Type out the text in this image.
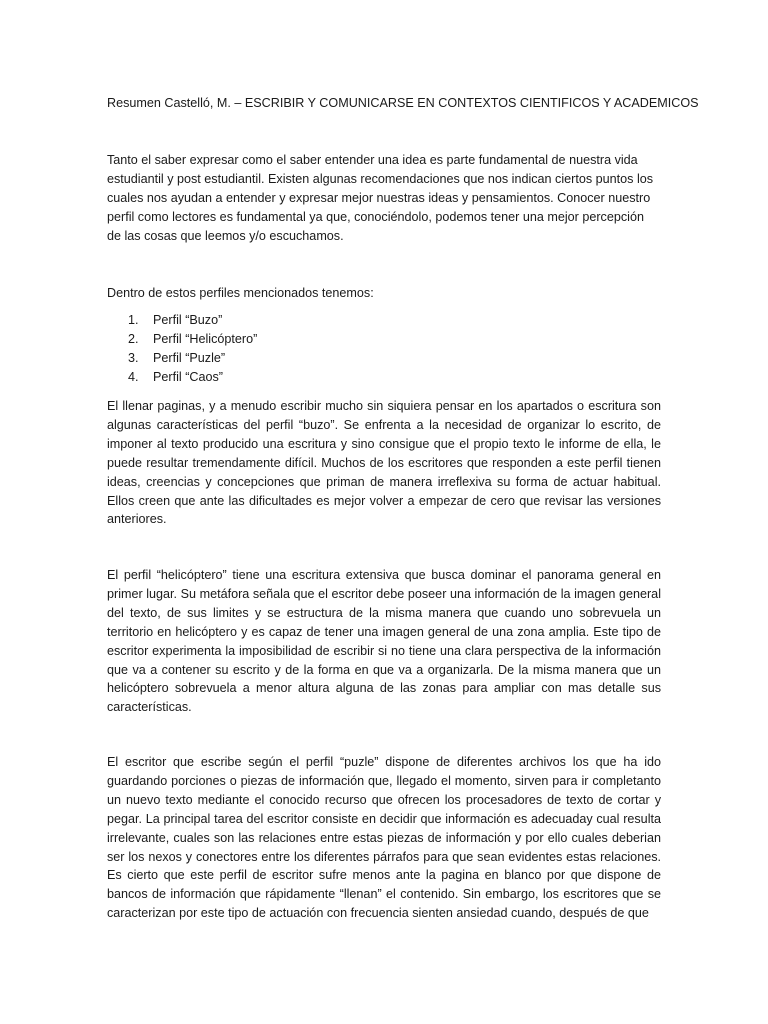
Resumen Castelló, M. – ESCRIBIR Y COMUNICARSE EN CONTEXTOS CIENTIFICOS Y ACADEMICOS

Tanto el saber expresar como el saber entender una idea es parte fundamental de nuestra vida estudiantil y post estudiantil. Existen algunas recomendaciones que nos indican ciertos puntos los cuales nos ayudan a entender y expresar mejor nuestras ideas y pensamientos. Conocer nuestro perfil como lectores es fundamental ya que, conociéndolo, podemos tener una mejor percepción de las cosas que leemos y/o escuchamos.

Dentro de estos perfiles mencionados tenemos:

1.	Perfil “Buzo”
2.	Perfil “Helicóptero”
3.	Perfil “Puzle”
4.	Perfil “Caos”

El llenar paginas, y a menudo escribir mucho sin siquiera pensar en los apartados o escritura son algunas características del perfil “buzo”. Se enfrenta a la necesidad de organizar lo escrito, de imponer al texto producido una escritura y sino consigue que el propio texto le informe de ella, le puede resultar tremendamente difícil. Muchos de los escritores que responden a este perfil tienen ideas, creencias y concepciones que priman de manera irreflexiva su forma de actuar habitual. Ellos creen que ante las dificultades es mejor volver a empezar de cero que revisar las versiones anteriores.

El perfil “helicóptero” tiene una escritura extensiva que busca dominar el panorama general en primer lugar. Su metáfora señala que el escritor debe poseer una información de la imagen general del texto, de sus limites y se estructura de la misma manera que cuando uno sobrevuela un territorio en helicóptero y es capaz de tener una imagen general de una zona amplia. Este tipo de escritor experimenta la imposibilidad de escribir si no tiene una clara perspectiva de la información que va a contener su escrito y de la forma en que va a organizarla. De la misma manera que un helicóptero sobrevuela a menor altura alguna de las zonas para ampliar con mas detalle sus características.

El escritor que escribe según el perfil “puzle” dispone de diferentes archivos los que ha ido guardando porciones o piezas de información que, llegado el momento, sirven para ir completanto un nuevo texto mediante el conocido recurso que ofrecen los procesadores de texto de cortar y pegar. La principal tarea del escritor consiste en decidir que información es adecuaday cual resulta irrelevante, cuales son las relaciones entre estas piezas de información y por ello cuales deberian ser los nexos y conectores entre los diferentes párrafos para que sean evidentes estas relaciones. Es cierto que este perfil de escritor sufre menos ante la pagina en blanco por que dispone de bancos de información que rápidamente “llenan” el contenido. Sin embargo, los escritores que se caracterizan por este tipo de actuación con frecuencia sienten ansiedad cuando, después de que
